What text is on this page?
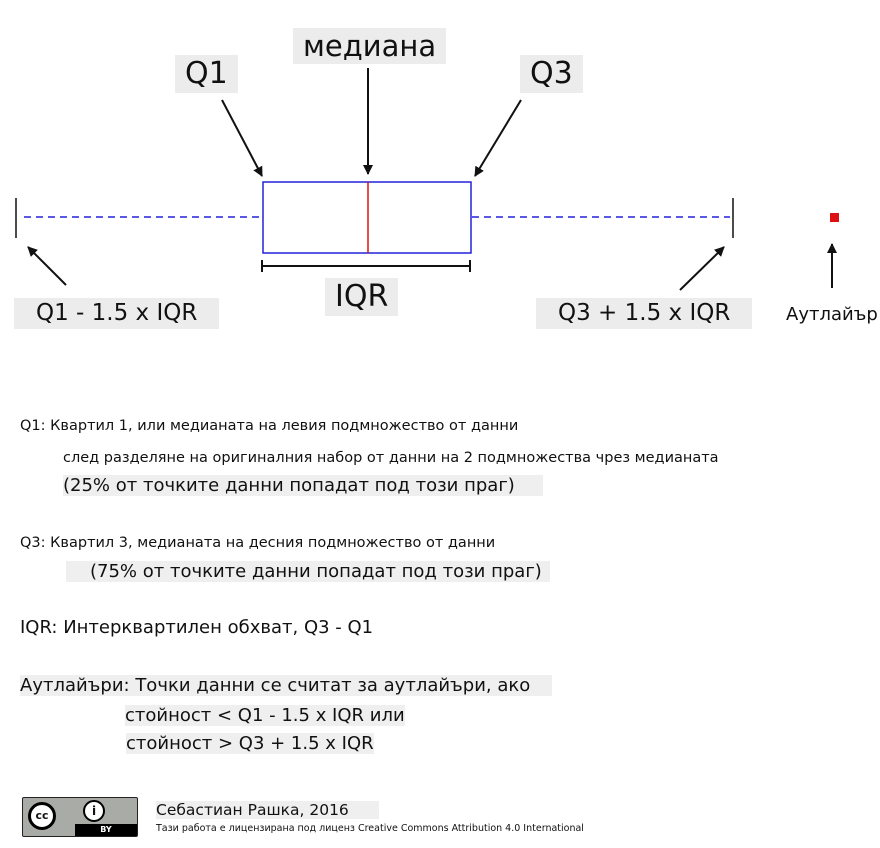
медиана
Q1	Q3
IQR
Q1 - 1.5 x IQR	Q3 + 1.5 x IQR	Аутлайър
Q1: Квартил 1, или медианата на левия подмножество от данни
след разделяне на оригиналния набор от данни на 2 подмножества чрез медианата
(25% от точките данни попадат под този праг)
Q3: Квартил 3, медианата на десния подмножество от данни
(75% от точките данни попадат под този праг)
IQR: Интерквартилен обхват, Q3 - Q1
Аутлайъри: Точки данни се считат за аутлайъри, ако
стойност < Q1 - 1.5 x IQR или
стойност > Q3 + 1.5 x IQR
cc	i
BY
Себастиан Рашка, 2016
Тази работа е лицензирана под лиценз Creative Commons Attribution 4.0 International
